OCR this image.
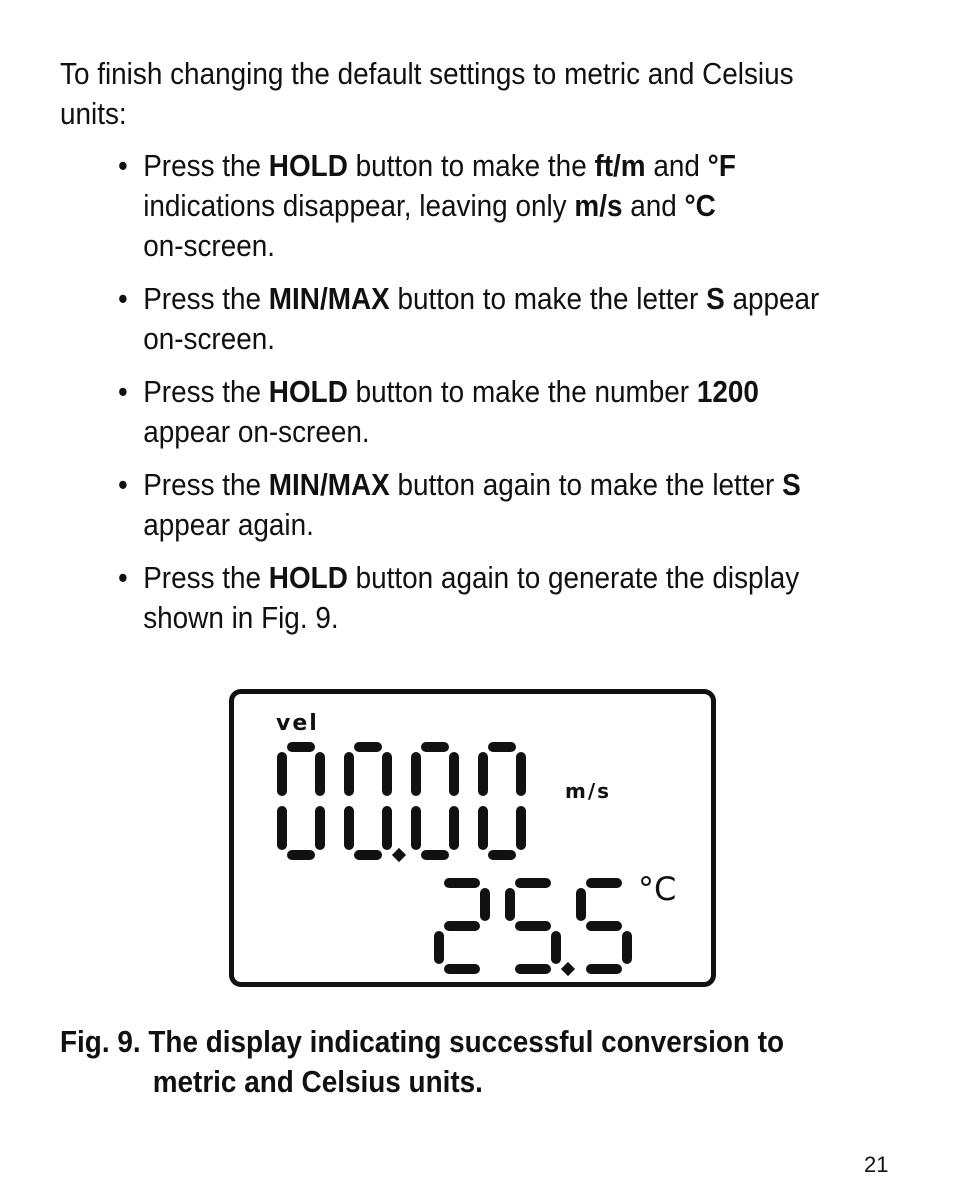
To finish changing the default settings to metric and Celsius
units:
• Press the HOLD button to make the ft/m and °F
indications disappear, leaving only m/s and °C
on-screen.
• Press the MIN/MAX button to make the letter S appear
on-screen.
• Press the HOLD button to make the number 1200
appear on-screen.
• Press the MIN/MAX button again to make the letter S
appear again.
• Press the HOLD button again to generate the display
shown in Fig. 9.
vel
m/s
°C
Fig. 9. The display indicating successful conversion to
metric and Celsius units.
21
